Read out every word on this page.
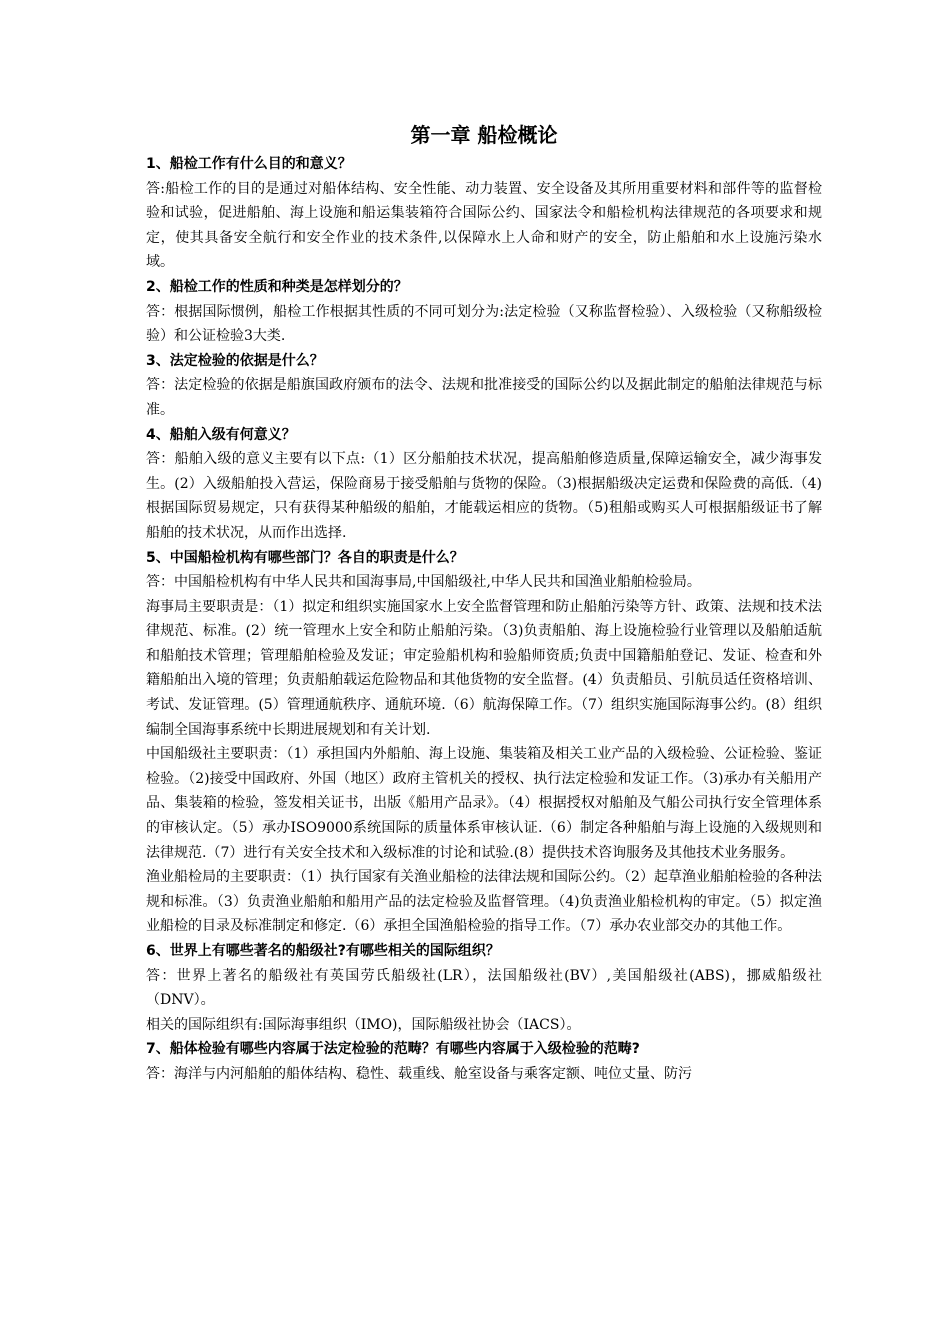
第一章 船检概论

1、船检工作有什么目的和意义？

答:船检工作的目的是通过对船体结构、安全性能、动力装置、安全设备及其所用重要材料和部件等的监督检验和试验，促进船舶、海上设施和船运集装箱符合国际公约、国家法令和船检机构法律规范的各项要求和规定，使其具备安全航行和安全作业的技术条件,以保障水上人命和财产的安全，防止船舶和水上设施污染水域。

2、船检工作的性质和种类是怎样划分的？

答：根据国际惯例，船检工作根据其性质的不同可划分为:法定检验（又称监督检验）、入级检验（又称船级检验）和公证检验3大类.

3、法定检验的依据是什么？

答：法定检验的依据是船旗国政府颁布的法令、法规和批准接受的国际公约以及据此制定的船舶法律规范与标准。

4、船舶入级有何意义？

答：船舶入级的意义主要有以下点:（1）区分船舶技术状况，提高船舶修造质量,保障运输安全，减少海事发生。(2）入级船舶投入营运，保险商易于接受船舶与货物的保险。（3)根据船级决定运费和保险费的高低.（4)根据国际贸易规定，只有获得某种船级的船舶，才能载运相应的货物。（5)租船或购买人可根据船级证书了解船舶的技术状况，从而作出选择.

5、中国船检机构有哪些部门？各自的职责是什么？

答：中国船检机构有中华人民共和国海事局,中国船级社,中华人民共和国渔业船舶检验局。

海事局主要职责是：（1）拟定和组织实施国家水上安全监督管理和防止船舶污染等方针、政策、法规和技术法律规范、标准。(2）统一管理水上安全和防止船舶污染。（3)负责船舶、海上设施检验行业管理以及船舶适航和船舶技术管理；管理船舶检验及发证；审定验船机构和验船师资质;负责中国籍船舶登记、发证、检查和外籍船舶出入境的管理；负责船舶载运危险物品和其他货物的安全监督。(4）负责船员、引航员适任资格培训、考试、发证管理。(5）管理通航秩序、通航环境.（6）航海保障工作。（7）组织实施国际海事公约。(8）组织编制全国海事系统中长期进展规划和有关计划.

中国船级社主要职责：（1）承担国内外船舶、海上设施、集装箱及相关工业产品的入级检验、公证检验、鉴证检验。（2)接受中国政府、外国（地区）政府主管机关的授权、执行法定检验和发证工作。（3)承办有关船用产品、集装箱的检验，签发相关证书，出版《船用产品录》。（4）根据授权对船舶及气船公司执行安全管理体系的审核认定。（5）承办ISO9000系统国际的质量体系审核认证.（6）制定各种船舶与海上设施的入级规则和法律规范.（7）进行有关安全技术和入级标准的讨论和试验.(8）提供技术咨询服务及其他技术业务服务。

渔业船检局的主要职责：（1）执行国家有关渔业船检的法律法规和国际公约。（2）起草渔业船舶检验的各种法规和标准。（3）负责渔业船舶和船用产品的法定检验及监督管理。（4)负责渔业船检机构的审定。（5）拟定渔业船检的目录及标准制定和修定.（6）承担全国渔船检验的指导工作。（7）承办农业部交办的其他工作。

6、世界上有哪些著名的船级社?有哪些相关的国际组织？

答：世界上著名的船级社有英国劳氏船级社(LR），法国船级社(BV）,美国船级社(ABS)，挪威船级社（DNV）。

相关的国际组织有:国际海事组织（IMO)，国际船级社协会（IACS）。

7、船体检验有哪些内容属于法定检验的范畴？有哪些内容属于入级检验的范畴?

答：海洋与内河船舶的船体结构、稳性、载重线、舱室设备与乘客定额、吨位丈量、防污
